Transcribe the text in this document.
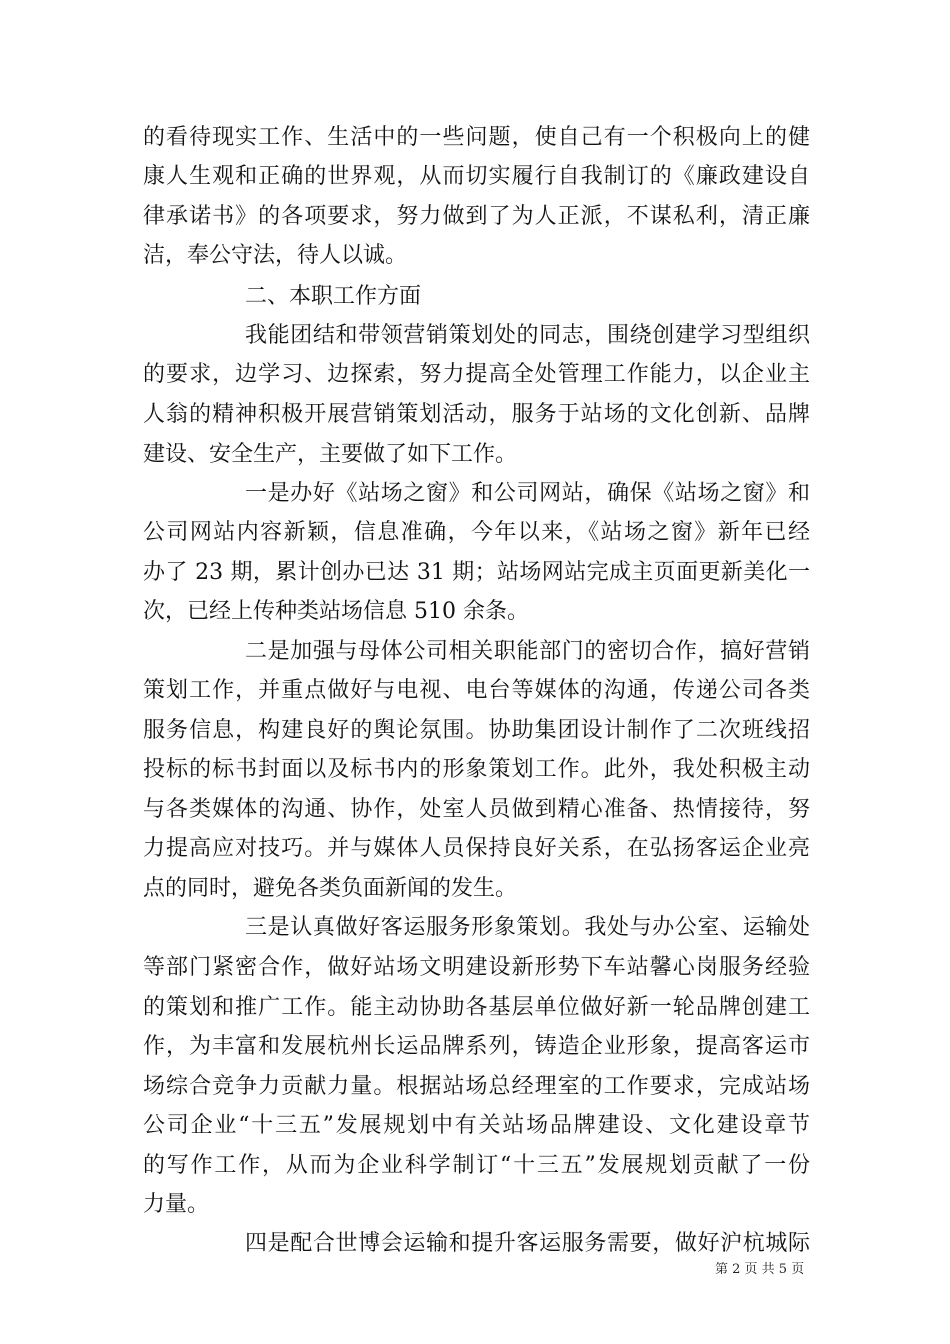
的看待现实工作、生活中的一些问题，使自己有一个积极向上的健
康人生观和正确的世界观，从而切实履行自我制订的《廉政建设自
律承诺书》的各项要求，努力做到了为人正派，不谋私利，清正廉
洁，奉公守法，待人以诚。
二、本职工作方面
我能团结和带领营销策划处的同志，围绕创建学习型组织
的要求，边学习、边探索，努力提高全处管理工作能力，以企业主
人翁的精神积极开展营销策划活动，服务于站场的文化创新、品牌
建设、安全生产，主要做了如下工作。
一是办好《站场之窗》和公司网站，确保《站场之窗》和
公司网站内容新颖，信息准确，今年以来，《站场之窗》新年已经
办了 23 期，累计创办已达 31 期；站场网站完成主页面更新美化一
次，已经上传种类站场信息 510 余条。
二是加强与母体公司相关职能部门的密切合作，搞好营销
策划工作，并重点做好与电视、电台等媒体的沟通，传递公司各类
服务信息，构建良好的舆论氛围。协助集团设计制作了二次班线招
投标的标书封面以及标书内的形象策划工作。此外，我处积极主动
与各类媒体的沟通、协作，处室人员做到精心准备、热情接待，努
力提高应对技巧。并与媒体人员保持良好关系，在弘扬客运企业亮
点的同时，避免各类负面新闻的发生。
三是认真做好客运服务形象策划。我处与办公室、运输处
等部门紧密合作，做好站场文明建设新形势下车站馨心岗服务经验
的策划和推广工作。能主动协助各基层单位做好新一轮品牌创建工
作，为丰富和发展杭州长运品牌系列，铸造企业形象，提高客运市
场综合竞争力贡献力量。根据站场总经理室的工作要求，完成站场
公司企业“十三五”发展规划中有关站场品牌建设、文化建设章节
的写作工作，从而为企业科学制订“十三五”发展规划贡献了一份
力量。
四是配合世博会运输和提升客运服务需要，做好沪杭城际
第 2 页 共 5 页
